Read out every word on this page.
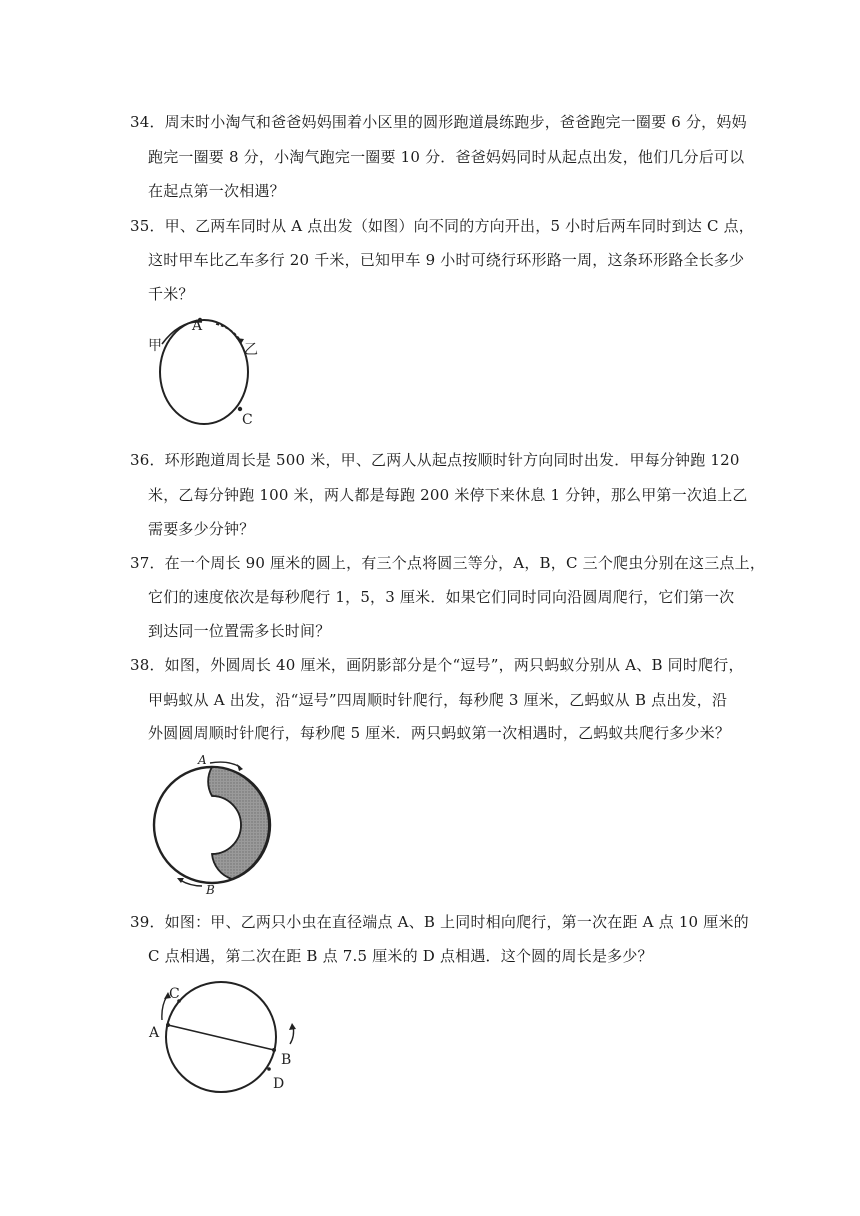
34．周末时小淘气和爸爸妈妈围着小区里的圆形跑道晨练跑步，爸爸跑完一圈要 6 分，妈妈
跑完一圈要 8 分，小淘气跑完一圈要 10 分．爸爸妈妈同时从起点出发，他们几分后可以
在起点第一次相遇？
35．甲、乙两车同时从 A 点出发（如图）向不同的方向开出，5 小时后两车同时到达 C 点，
这时甲车比乙车多行 20 千米，已知甲车 9 小时可绕行环形路一周，这条环形路全长多少
千米？
A
甲	乙
C
36．环形跑道周长是 500 米，甲、乙两人从起点按顺时针方向同时出发．甲每分钟跑 120
米，乙每分钟跑 100 米，两人都是每跑 200 米停下来休息 1 分钟，那么甲第一次追上乙
需要多少分钟？
37．在一个周长 90 厘米的圆上，有三个点将圆三等分，A，B，C 三个爬虫分别在这三点上，
它们的速度依次是每秒爬行 1，5，3 厘米．如果它们同时同向沿圆周爬行，它们第一次
到达同一位置需多长时间？
38．如图，外圆周长 40 厘米，画阴影部分是个“逗号”，两只蚂蚁分别从 A、B 同时爬行，
甲蚂蚁从 A 出发，沿“逗号”四周顺时针爬行，每秒爬 3 厘米，乙蚂蚁从 B 点出发，沿
外圆圆周顺时针爬行，每秒爬 5 厘米．两只蚂蚁第一次相遇时，乙蚂蚁共爬行多少米？
A
B
39．如图：甲、乙两只小虫在直径端点 A、B 上同时相向爬行，第一次在距 A 点 10 厘米的
C 点相遇，第二次在距 B 点 7.5 厘米的 D 点相遇．这个圆的周长是多少？
A
B
C
D
